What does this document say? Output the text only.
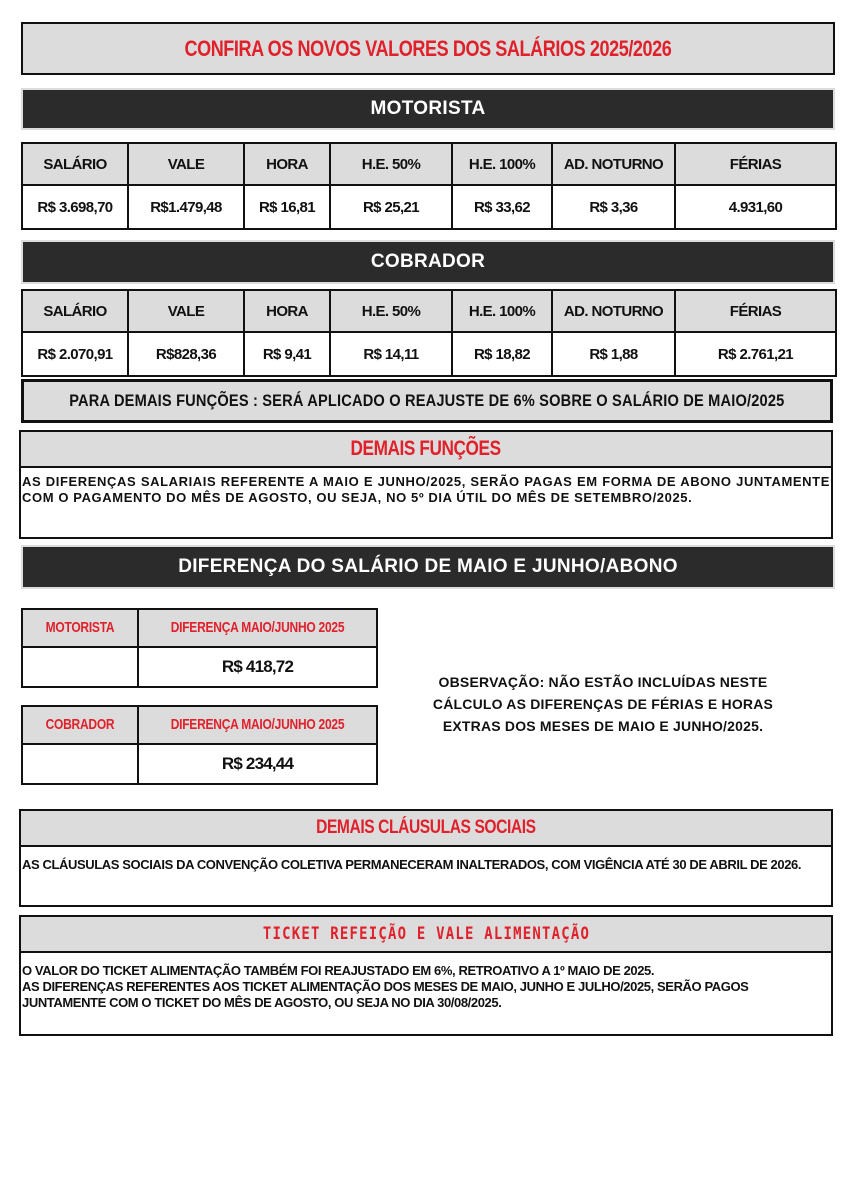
CONFIRA OS NOVOS VALORES DOS SALÁRIOS 2025/2026
MOTORISTA
SALÁRIO	VALE	HORA	H.E. 50%	H.E. 100%	AD. NOTURNO	FÉRIAS
R$ 3.698,70	R$1.479,48	R$ 16,81	R$ 25,21	R$ 33,62	R$ 3,36	4.931,60
COBRADOR
SALÁRIO	VALE	HORA	H.E. 50%	H.E. 100%	AD. NOTURNO	FÉRIAS
R$ 2.070,91	R$828,36	R$ 9,41	R$ 14,11	R$ 18,82	R$ 1,88	R$ 2.761,21
PARA DEMAIS FUNÇÕES : SERÁ APLICADO O REAJUSTE DE 6% SOBRE O SALÁRIO DE MAIO/2025
DEMAIS FUNÇÕES
AS DIFERENÇAS SALARIAIS REFERENTE A MAIO E JUNHO/2025, SERÃO PAGAS EM FORMA DE ABONO JUNTAMENTE COM O PAGAMENTO DO MÊS DE AGOSTO, OU SEJA, NO 5º DIA ÚTIL DO MÊS DE SETEMBRO/2025.
DIFERENÇA DO SALÁRIO DE MAIO E JUNHO/ABONO
MOTORISTA	DIFERENÇA MAIO/JUNHO 2025
	R$ 418,72
COBRADOR	DIFERENÇA MAIO/JUNHO 2025
	R$ 234,44
OBSERVAÇÃO: NÃO ESTÃO INCLUÍDAS NESTE
CÁLCULO AS DIFERENÇAS DE FÉRIAS E HORAS
EXTRAS DOS MESES DE MAIO E JUNHO/2025.
DEMAIS CLÁUSULAS SOCIAIS
AS CLÁUSULAS SOCIAIS DA CONVENÇÃO COLETIVA PERMANECERAM INALTERADOS, COM VIGÊNCIA ATÉ 30 DE ABRIL DE 2026.
TICKET REFEIÇÃO E VALE ALIMENTAÇÃO
O VALOR DO TICKET ALIMENTAÇÃO TAMBÉM FOI REAJUSTADO EM 6%, RETROATIVO A 1º MAIO DE 2025.
AS DIFERENÇAS REFERENTES AOS TICKET ALIMENTAÇÃO DOS MESES DE MAIO, JUNHO E JULHO/2025, SERÃO PAGOS JUNTAMENTE COM O TICKET DO MÊS DE AGOSTO, OU SEJA NO DIA 30/08/2025.
